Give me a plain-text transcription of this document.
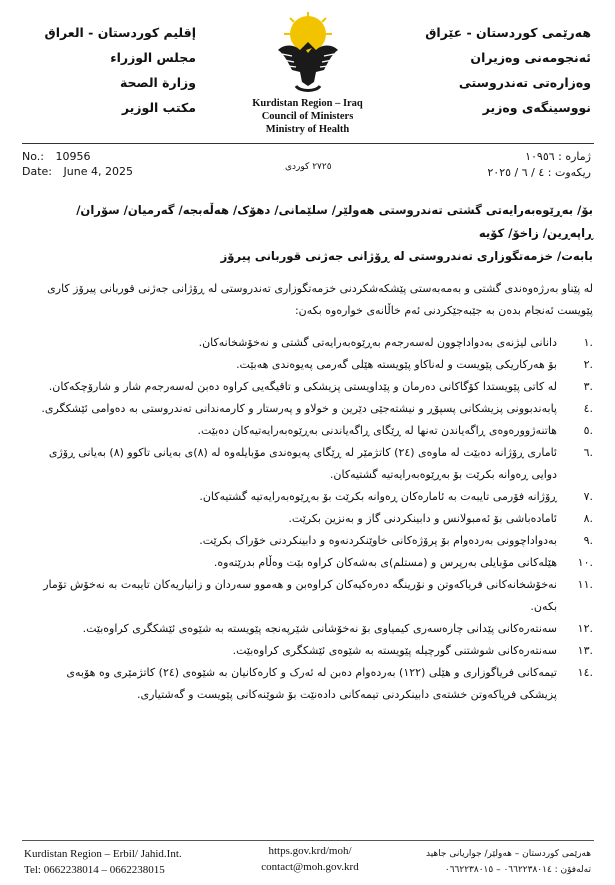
إقليم كوردستان - العراق
مجلس الوزراء
وزارة الصحة
مكتب الوزير	Kurdistan Region – Iraq
Council of Ministers
Ministry of Health
هەرێمی کوردستان - عێراق
ئەنجومەنی وەزیران
وەزارەتی تەندروستی
نووسینگەی وەزیر
No.: 10956
Date: June 4, 2025	٢٧٢٥ كوردی
ژماره : ١٠٩٥٦
ریکەوت : ٤ / ٦ / ٢٠٢٥
بۆ/ بەڕێوەبەرایەتی گشتی تەندروستی هەولێر/ سلێمانی/ دهۆک/ هەڵەبجە/ گەرمیان/ سۆران/ ڕاپەڕین/ زاخۆ/ کۆیە
بابەت/ خزمەتگوزاری تەندروستی لە ڕۆژانی جەژنی قوربانی پیرۆز
لە پێناو بەرژەوەندی گشتی و بەمەبەستی پێشکەشکردنی خزمەتگوزاری تەندروستی لە ڕۆژانی جەژنی قوربانی پیرۆز کاری پێویست ئەنجام بدەن بە جێبەجێکردنی ئەم خاڵانەی خوارەوە بکەن:
.١
دانانی لیژنەی بەدواداچوون لەسەرجەم بەڕێوەبەرایەتی گشتی و نەخۆشخانەکان.
.٢
بۆ هەرکاریکی پێویست و لەناکاو پێویستە هێلی گەرمی پەیوەندی هەبێت.
.٣
لە کاتی پێویستدا کۆگاکانی دەرمان و پێداویستی پزیشکی و تاقیگەیی کراوە دەبن لەسەرجەم شار و شارۆچکەکان.
.٤
پابەندبوونی پزیشکانی پسپۆڕ و نیشتەجێی دێرین و خولاو و پەرستار و کارمەندانی تەندروستی بە دەوامی ئێشکگری.
.٥
هاتنەژوورەوەی ڕاگەیاندن تەنها لە ڕێگای ڕاگەیاندنی بەڕێوەبەرایەتیەکان دەبێت.
.٦
ئاماری ڕۆژانە دەبێت لە ماوەی (٢٤) کاتژمێر لە ڕێگای پەیوەندی مۆبایلەوە لە (٨)ی بەیانی تاکوو (٨) بەیانی ڕۆژی دوایی ڕەوانە بکرێت بۆ بەڕێوەبەرایەتیە گشتیەکان.
.٧
ڕۆژانە فۆرمی تایبەت بە ئامارەکان ڕەوانە بکرێت بۆ بەڕێوەبەرایەتیە گشتیەکان.
.٨
ئامادەباشی بۆ ئەمبولانس و دابینکردنی گاز و بەنزین بکرێت.
.٩
بەدواداچوونی بەردەوام بۆ پرۆژەکانی خاوێنکردنەوە و دابینکردنی خۆراک بکرێت.
.١٠
هێلەکانی مۆبایلی بەرپرس و (مستلم)ی بەشەکان کراوە بێت وەڵام بدرێتەوە.
.١١
نەخۆشخانەکانی فریاکەوتن و نۆرینگە دەرەکیەکان کراوەبن و هەموو سەردان و زانیاریەکان تایبەت بە نەخۆش تۆمار بکەن.
.١٢
سەنتەرەکانی پێدانی چارەسەری کیمیاوی بۆ نەخۆشانی شێرپەنجە پێویستە بە شێوەی ئێشکگری کراوەبێت.
.١٣
سەنتەرەکانی شوشتنی گورچیلە پێویستە بە شێوەی ئێشکگری کراوەبێت.
.١٤
تیمەکانی فریاگوزاری و هێلی (١٢٢) بەردەوام دەبن لە ئەرک و کارەکانیان بە شێوەی (٢٤) کاتژمێری وە هۆبەی پزیشکی فریاکەوتن خشتەی دابینکردنی تیمەکانی دادەنێت بۆ شوێنەکانی پێویست و گەشتیاری.
Kurdistan Region – Erbil/ Jahid.Int.
Tel: 0662238014 – 0662238015
https.gov.krd/moh/
contact@moh.gov.krd
هەرێمی کوردستان – هەولێر/ جواریانی جاهید
تەلەفۆن : ٠٦٦٢٢٣٨٠١٤ – ٠٦٦٢٢٣٨٠١٥
